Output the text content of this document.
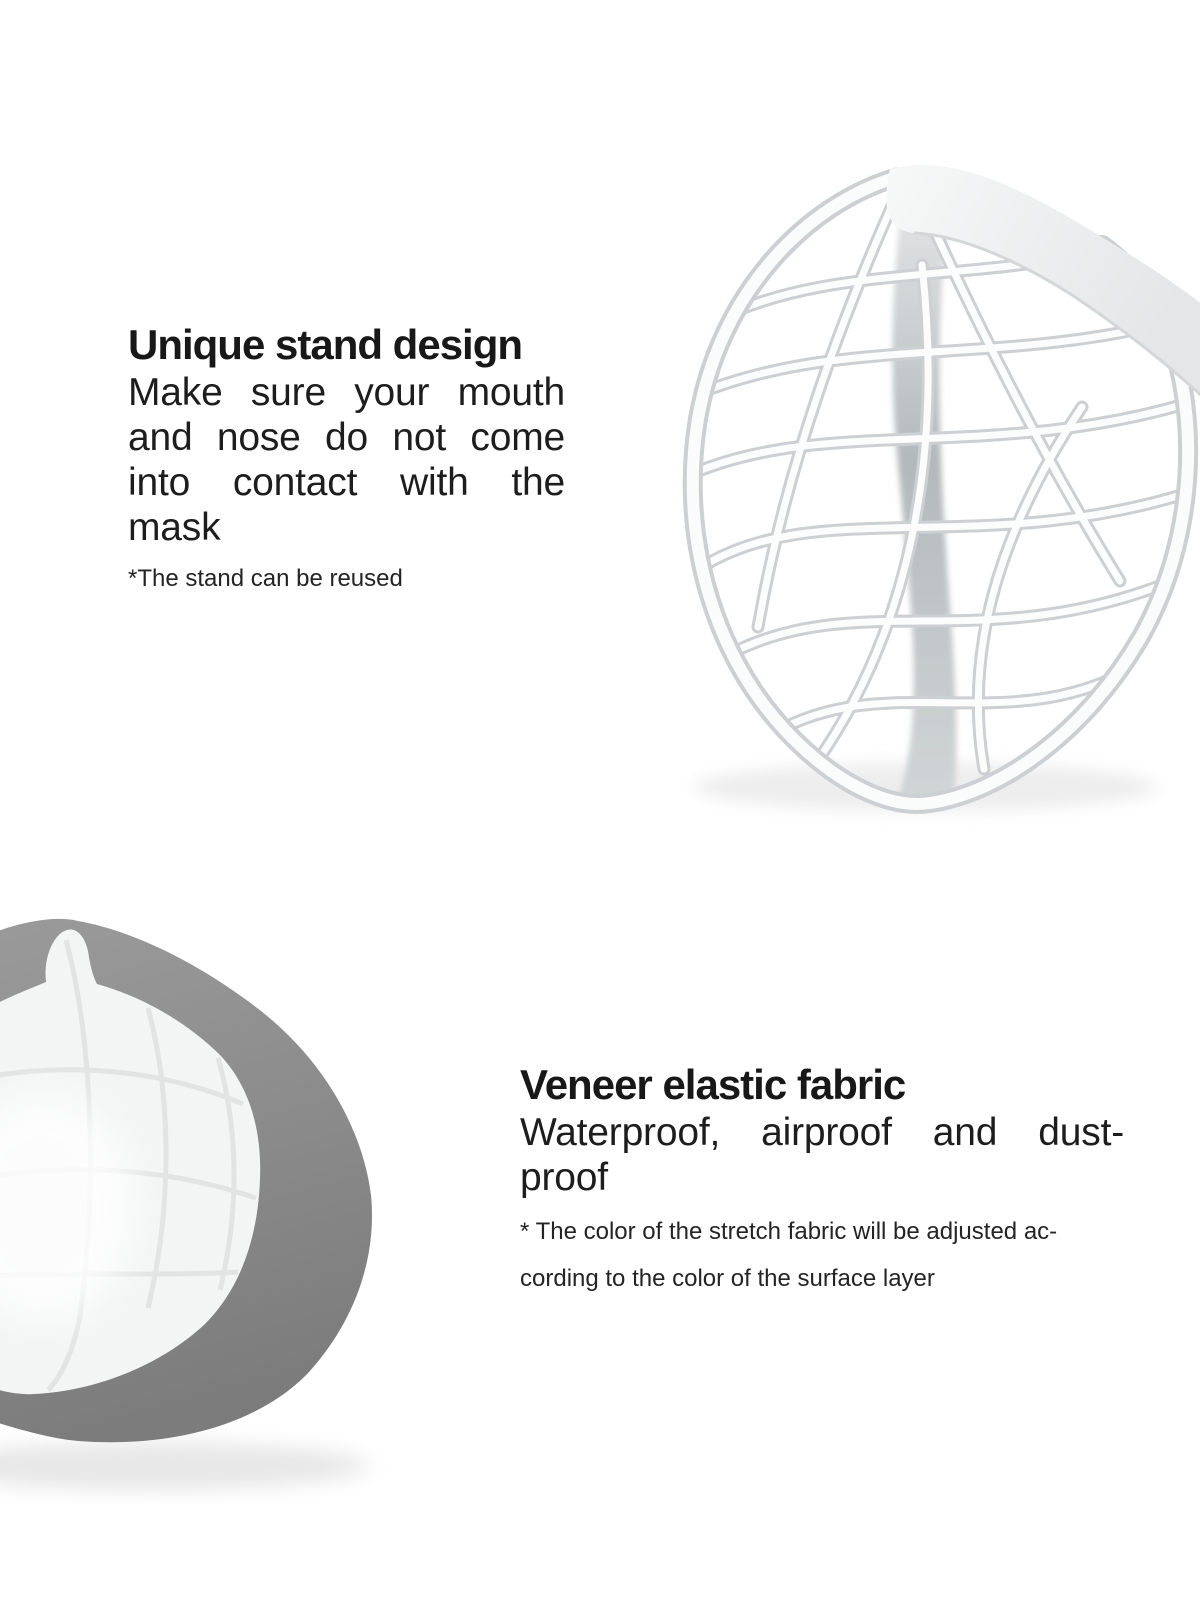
Unique stand design
Make sure your mouth
and nose do not come
into contact with the
mask
*The stand can be reused
Veneer elastic fabric
Waterproof, airproof and dust-
proof
* The color of the stretch fabric will be adjusted ac-
cording to the color of the surface layer
